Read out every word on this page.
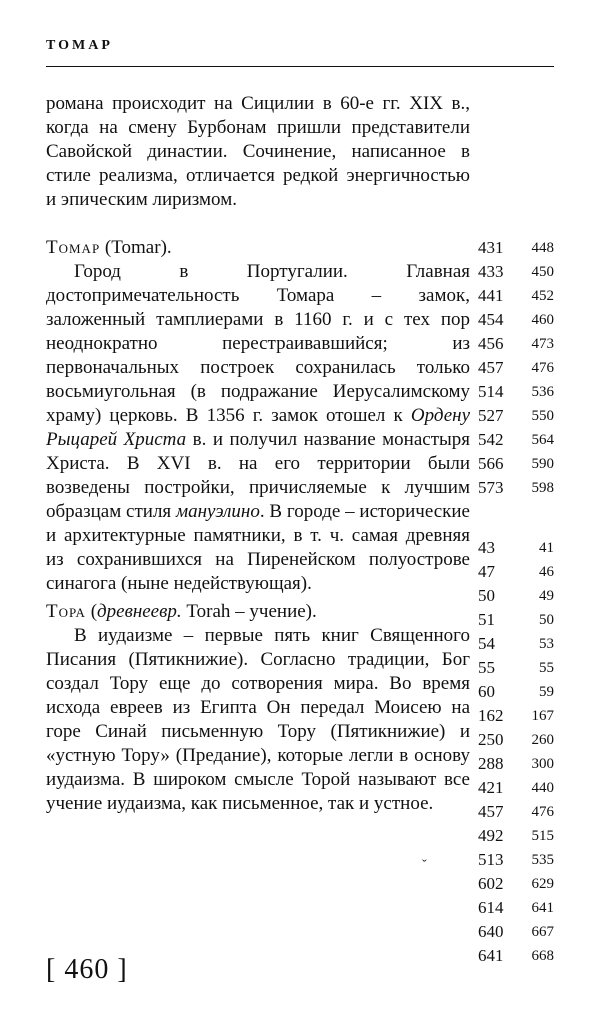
ТОМАР

романа происходит на Сицилии в 60-е гг. XIX в., когда на смену Бурбонам пришли представители Савойской династии. Сочинение, написанное в стиле реализма, отличается редкой энергичностью и эпическим лиризмом.

Томар (Tomar).

Город в Португалии. Главная достопримечательность Томара – замок, заложенный тамплиерами в 1160 г. и с тех пор неоднократно перестраивавшийся; из первоначальных построек сохранилась только восьмиугольная (в подражание Иерусалимскому храму) церковь. В 1356 г. замок отошел к Ордену Рыцарей Христа в. и получил название монастыря Христа. В XVI в. на его территории были возведены постройки, причисляемые к лучшим образцам стиля мануэлино. В городе – исторические и архитектурные памятники, в т. ч. самая древняя из сохранившихся на Пиренейском полуострове синагога (ныне недействующая).

Тора (древнеевр. Torah – учение).

В иудаизме – первые пять книг Священного Писания (Пятикнижие). Согласно традиции, Бог создал Тору еще до сотворения мира. Во время исхода евреев из Египта Он передал Моисею на горе Синай письменную Тору (Пятикнижие) и «устную Тору» (Предание), которые легли в основу иудаизма. В широком смысле Торой называют все учение иудаизма, как письменное, так и устное.

431	448
433	450
441	452
454	460
456	473
457	476
514	536
527	550
542	564
566	590
573	598
43	41
47	46
50	49
51	50
54	53
55	55
60	59
162	167
250	260
288	300
421	440
457	476
492	515
513	535
602	629
614	641
640	667
641	668
ˇ
[ 460 ]
